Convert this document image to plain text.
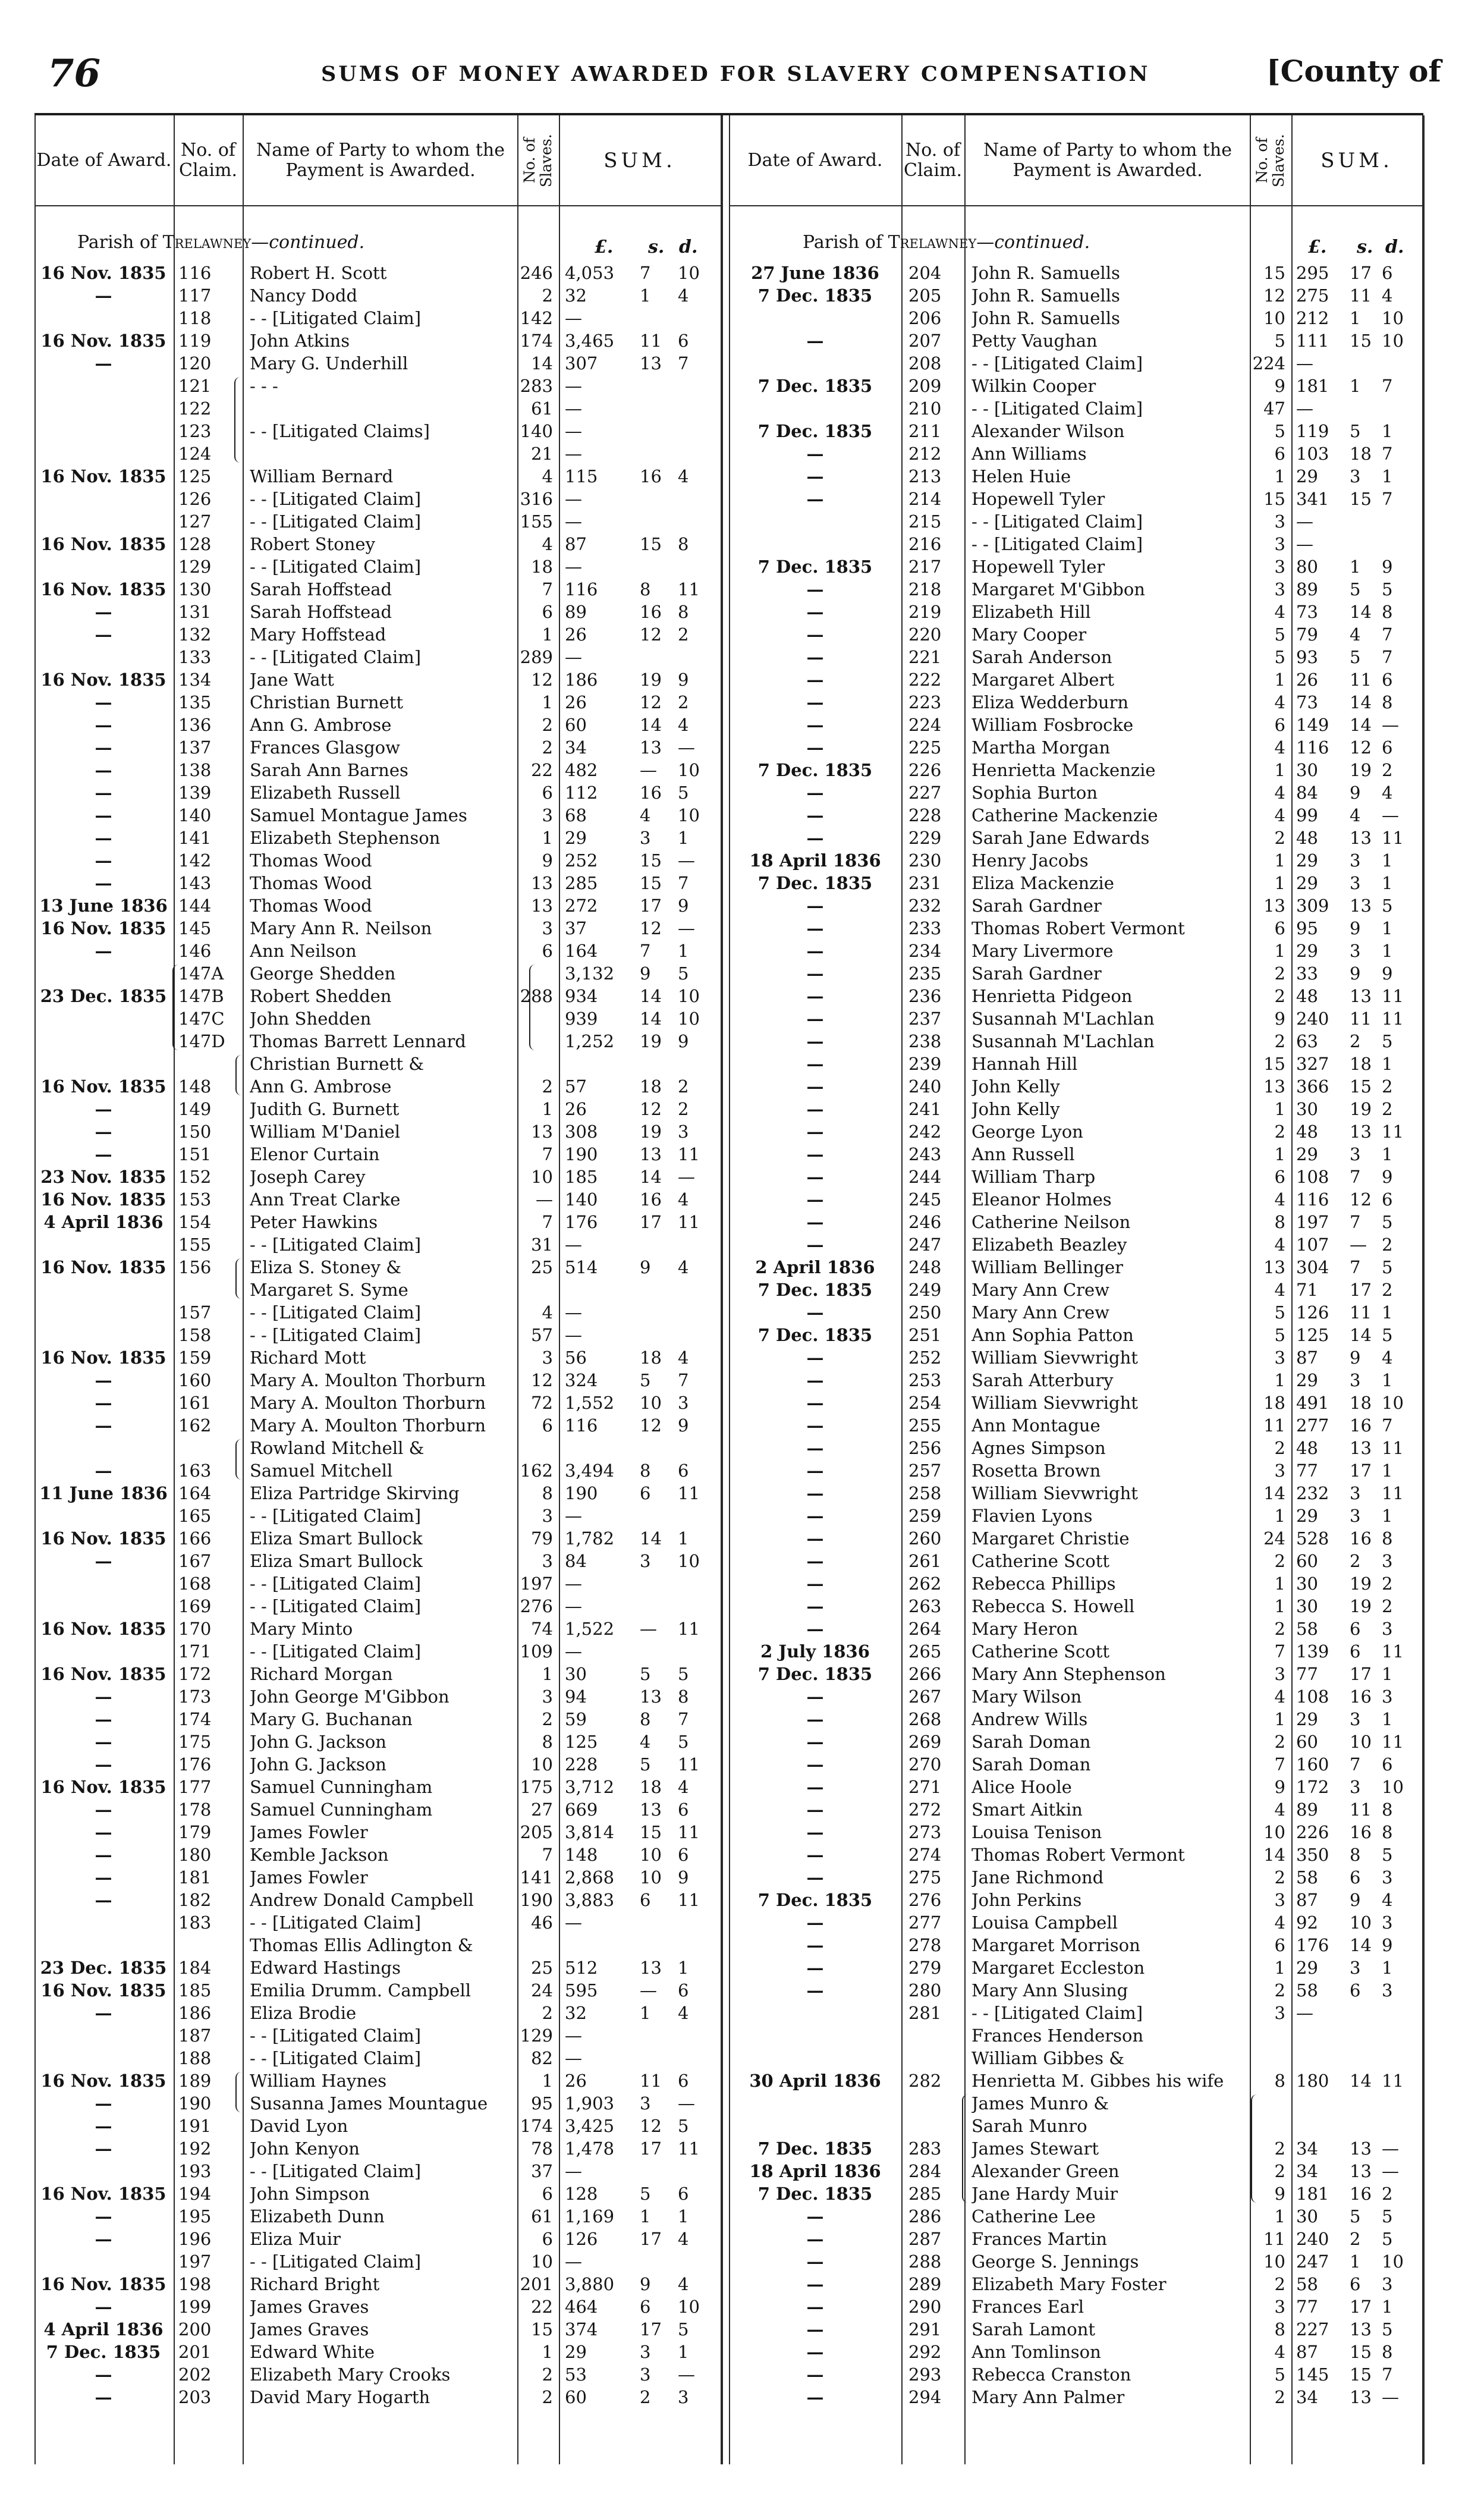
76	SUMS OF MONEY AWARDED FOR SLAVERY COMPENSATION	[County of
Date of Award. No. of Claim.
Name of Party to whom the Payment is Awarded.	No. of Slaves.	SUM.	Date of Award.	No. of Claim.
Name of Party to whom the Payment is Awarded.	No. of Slaves.	SUM.
Parish of Trelawney—continued.	Parish of Trelawney—continued.
£. s. d.	£. s. d.
16 Nov. 1835 116	Robert H. Scott	246 4,053	7	10
—	117	Nancy Dodd	2 32	1	4
118	- - [Litigated Claim]	142 —
16 Nov. 1835 119	John Atkins	174 3,465	11 6
—	120	Mary G. Underhill	14 307	13 7
121	- - -	283 —
122	61 —
123	- - [Litigated Claims]	140 —
124	21 —
16 Nov. 1835 125	William Bernard	4 115	16 4
126	- - [Litigated Claim]	316 —
127	- - [Litigated Claim]	155 —
16 Nov. 1835 128	Robert Stoney	4 87	15 8
129	- - [Litigated Claim]	18 —
16 Nov. 1835 130	Sarah Hoffstead	7 116	8	11
—	131	Sarah Hoffstead	6 89	16 8
—	132	Mary Hoffstead	1 26	12 2
133	- - [Litigated Claim]	289 —
16 Nov. 1835 134	Jane Watt	12 186	19 9
—	135	Christian Burnett	1 26	12 2
—	136	Ann G. Ambrose	2 60	14 4
—	137	Frances Glasgow	2 34	13 —
—	138	Sarah Ann Barnes	22 482	—	10
—	139	Elizabeth Russell	6 112	16 5
—	140	Samuel Montague James	3 68	4	10
—	141	Elizabeth Stephenson	1 29	3	1
—	142	Thomas Wood	9 252	15 —
—	143	Thomas Wood	13 285	15 7
13 June 1836 144	Thomas Wood	13 272	17 9
16 Nov. 1835 145	Mary Ann R. Neilson	3 37	12 —
—	146	Ann Neilson	6 164	7	1
147A	George Shedden	3,132	9	5
23 Dec. 1835 147B	Robert Shedden	288 934	14 10
147C	John Shedden	939	14 10
147D	Thomas Barrett Lennard	1,252	19 9
Christian Burnett &
16 Nov. 1835 148	Ann G. Ambrose	2 57	18 2
—	149	Judith G. Burnett	1 26	12 2
—	150	William M'Daniel	13 308	19 3
—	151	Elenor Curtain	7 190	13 11
23 Nov. 1835 152	Joseph Carey	10 185	14 —
16 Nov. 1835 153	Ann Treat Clarke	— 140	16 4
4 April 1836 154	Peter Hawkins	7 176	17 11
155	- - [Litigated Claim]	31 —
16 Nov. 1835 156	Eliza S. Stoney &	25 514	9	4
Margaret S. Syme
157	- - [Litigated Claim]	4 —
158	- - [Litigated Claim]	57 —
16 Nov. 1835 159	Richard Mott	3 56	18 4
—	160	Mary A. Moulton Thorburn	12 324	5	7
—	161	Mary A. Moulton Thorburn	72 1,552	10 3
—	162	Mary A. Moulton Thorburn	6 116	12 9
Rowland Mitchell &
—	163	Samuel Mitchell	162 3,494	8	6
11 June 1836 164	Eliza Partridge Skirving	8 190	6	11
165	- - [Litigated Claim]	3 —
16 Nov. 1835 166	Eliza Smart Bullock	79 1,782	14 1
—	167	Eliza Smart Bullock	3 84	3	10
168	- - [Litigated Claim]	197 —
169	- - [Litigated Claim]	276 —
16 Nov. 1835 170	Mary Minto	74 1,522	—	11
171	- - [Litigated Claim]	109 —
16 Nov. 1835 172	Richard Morgan	1 30	5	5
—	173	John George M'Gibbon	3 94	13 8
—	174	Mary G. Buchanan	2 59	8	7
—	175	John G. Jackson	8 125	4	5
—	176	John G. Jackson	10 228	5	11
16 Nov. 1835 177	Samuel Cunningham	175 3,712	18 4
—	178	Samuel Cunningham	27 669	13 6
—	179	James Fowler	205 3,814	15 11
—	180	Kemble Jackson	7 148	10 6
—	181	James Fowler	141 2,868	10 9
—	182	Andrew Donald Campbell	190 3,883	6	11
183	- - [Litigated Claim]	46 —
Thomas Ellis Adlington &
23 Dec. 1835 184	Edward Hastings	25 512	13 1
16 Nov. 1835 185	Emilia Drumm. Campbell	24 595	—	6
—	186	Eliza Brodie	2 32	1	4
187	- - [Litigated Claim]	129 —
188	- - [Litigated Claim]	82 —
16 Nov. 1835 189	William Haynes	1 26	11 6
—	190	Susanna James Mountague	95 1,903	3	—
—	191	David Lyon	174 3,425	12 5
—	192	John Kenyon	78 1,478	17 11
193	- - [Litigated Claim]	37 —
16 Nov. 1835 194	John Simpson	6 128	5	6
—	195	Elizabeth Dunn	61 1,169	1	1
—	196	Eliza Muir	6 126	17 4
197	- - [Litigated Claim]	10 —
16 Nov. 1835 198	Richard Bright	201 3,880	9	4
—	199	James Graves	22 464	6	10
4 April 1836 200	James Graves	15 374	17 5
7 Dec. 1835	201	Edward White	1 29	3	1
—	202	Elizabeth Mary Crooks	2 53	3	—
—	203	David Mary Hogarth	2 60	2	3
27 June 1836	204	John R. Samuells	15 295	17 6
7 Dec. 1835	205	John R. Samuells	12 275	11 4
206	John R. Samuells	10 212	1	10
—	207	Petty Vaughan	5 111	15 10
208	- - [Litigated Claim]	224 —
7 Dec. 1835	209	Wilkin Cooper	9 181	1	7
210	- - [Litigated Claim]	47 —
7 Dec. 1835	211	Alexander Wilson	5 119	5	1
—	212	Ann Williams	6 103	18 7
—	213	Helen Huie	1 29	3	1
—	214	Hopewell Tyler	15 341	15 7
215	- - [Litigated Claim]	3 —
216	- - [Litigated Claim]	3 —
7 Dec. 1835	217	Hopewell Tyler	3 80	1	9
—	218	Margaret M'Gibbon	3 89	5	5
—	219	Elizabeth Hill	4 73	14 8
—	220	Mary Cooper	5 79	4	7
—	221	Sarah Anderson	5 93	5	7
—	222	Margaret Albert	1 26	11 6
—	223	Eliza Wedderburn	4 73	14 8
—	224	William Fosbrocke	6 149	14 —
—	225	Martha Morgan	4 116	12 6
7 Dec. 1835	226	Henrietta Mackenzie	1 30	19 2
—	227	Sophia Burton	4 84	9	4
—	228	Catherine Mackenzie	4 99	4	—
—	229	Sarah Jane Edwards	2 48	13 11
18 April 1836	230	Henry Jacobs	1 29	3	1
7 Dec. 1835	231	Eliza Mackenzie	1 29	3	1
—	232	Sarah Gardner	13 309	13 5
—	233	Thomas Robert Vermont	6 95	9	1
—	234	Mary Livermore	1 29	3	1
—	235	Sarah Gardner	2 33	9	9
—	236	Henrietta Pidgeon	2 48	13 11
—	237	Susannah M'Lachlan	9 240	11 11
—	238	Susannah M'Lachlan	2 63	2	5
—	239	Hannah Hill	15 327	18 1
—	240	John Kelly	13 366	15 2
—	241	John Kelly	1 30	19 2
—	242	George Lyon	2 48	13 11
—	243	Ann Russell	1 29	3	1
—	244	William Tharp	6 108	7	9
—	245	Eleanor Holmes	4 116	12 6
—	246	Catherine Neilson	8 197	7	5
—	247	Elizabeth Beazley	4 107	— 2
2 April 1836	248	William Bellinger	13 304	7	5
7 Dec. 1835	249	Mary Ann Crew	4 71	17 2
—	250	Mary Ann Crew	5 126	11 1
7 Dec. 1835	251	Ann Sophia Patton	5 125	14 5
—	252	William Sievwright	3 87	9	4
—	253	Sarah Atterbury	1 29	3	1
—	254	William Sievwright	18 491	18 10
—	255	Ann Montague	11 277	16 7
—	256	Agnes Simpson	2 48	13 11
—	257	Rosetta Brown	3 77	17 1
—	258	William Sievwright	14 232	3	11
—	259	Flavien Lyons	1 29	3	1
—	260	Margaret Christie	24 528	16 8
—	261	Catherine Scott	2 60	2	3
—	262	Rebecca Phillips	1 30	19 2
—	263	Rebecca S. Howell	1 30	19 2
—	264	Mary Heron	2 58	6	3
2 July 1836	265	Catherine Scott	7 139	6	11
7 Dec. 1835	266	Mary Ann Stephenson	3 77	17 1
—	267	Mary Wilson	4 108	16 3
—	268	Andrew Wills	1 29	3	1
—	269	Sarah Doman	2 60	10 11
—	270	Sarah Doman	7 160	7	6
—	271	Alice Hoole	9 172	3	10
—	272	Smart Aitkin	4 89	11 8
—	273	Louisa Tenison	10 226	16 8
—	274	Thomas Robert Vermont	14 350	8	5
—	275	Jane Richmond	2 58	6	3
7 Dec. 1835	276	John Perkins	3 87	9	4
—	277	Louisa Campbell	4 92	10 3
—	278	Margaret Morrison	6 176	14 9
—	279	Margaret Eccleston	1 29	3	1
—	280	Mary Ann Slusing	2 58	6	3
281	- - [Litigated Claim]	3 —
Frances Henderson
William Gibbes &
30 April 1836	282	Henrietta M. Gibbes his wife	8 180	14 11
James Munro &
Sarah Munro
7 Dec. 1835	283	James Stewart	2 34	13 —
18 April 1836	284	Alexander Green	2 34	13 —
7 Dec. 1835	285	Jane Hardy Muir	9 181	16 2
—	286	Catherine Lee	1 30	5	5
—	287	Frances Martin	11 240	2	5
—	288	George S. Jennings	10 247	1	10
—	289	Elizabeth Mary Foster	2 58	6	3
—	290	Frances Earl	3 77	17 1
—	291	Sarah Lamont	8 227	13 5
—	292	Ann Tomlinson	4 87	15 8
—	293	Rebecca Cranston	5 145	15 7
—	294	Mary Ann Palmer	2 34	13 —
